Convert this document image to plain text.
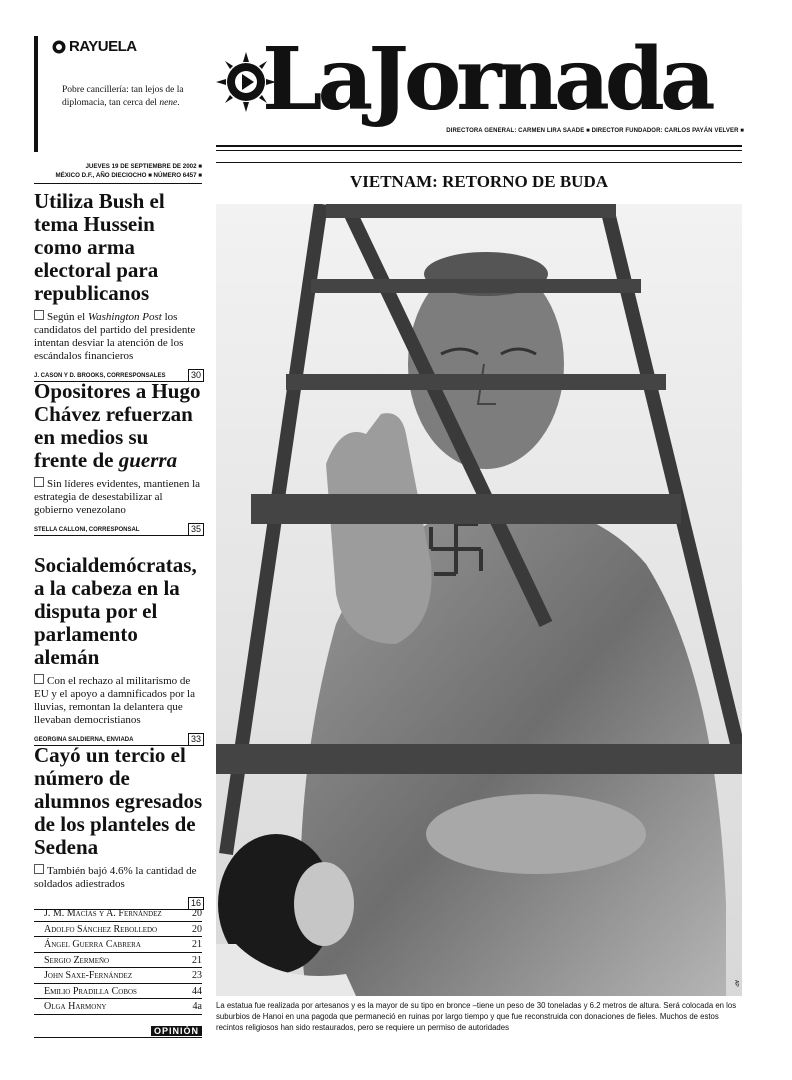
RAYUELA
Pobre cancillería: tan lejos de la diplomacia, tan cerca del nene. LaJornada
DIRECTORA GENERAL: CARMEN LIRA SAADE ■ DIRECTOR FUNDADOR: CARLOS PAYÁN VELVER ■
JUEVES 19 DE SEPTIEMBRE DE 2002 ■
MÉXICO D.F., AÑO DIECIOCHO ■ NÚMERO 6457 ■
Utiliza Bush el tema Hussein como arma electoral para republicanos
Según el Washington Post los candidatos del partido del presidente intentan desviar la atención de los escándalos financieros
J. CASON Y D. BROOKS, CORRESPONSALES	30
Opositores a Hugo Chávez refuerzan en medios su frente de guerra
Sin líderes evidentes, mantienen la estrategia de desestabilizar al gobierno venezolano
STELLA CALLONI, CORRESPONSAL	35
Socialdemócratas, a la cabeza en la disputa por el parlamento alemán
Con el rechazo al militarismo de EU y el apoyo a damnificados por la lluvias, remontan la delantera que llevaban democristianos
GEORGINA SALDIERNA, ENVIADA	33
Cayó un tercio el número de alumnos egresados de los planteles de Sedena
También bajó 4.6% la cantidad de soldados adiestrados
16
J. M. Macías y A. Fernández	20
Adolfo Sánchez Rebolledo	20
Ángel Guerra Cabrera	21
Sergio Zermeño	21
John Saxe-Fernández	23
Emilio Pradilla Cobos	44
Olga Harmony	4a
OPINIÓN
VIETNAM: RETORNO DE BUDA
AP
La estatua fue realizada por artesanos y es la mayor de su tipo en bronce –tiene un peso de 30 toneladas y 6.2 metros de altura. Será colocada en los suburbios de Hanoi en una pagoda que permaneció en ruinas por largo tiempo y que fue reconstruida con donaciones de fieles. Muchos de estos recintos religiosos han sido restaurados, pero se requiere un permiso de autoridades
